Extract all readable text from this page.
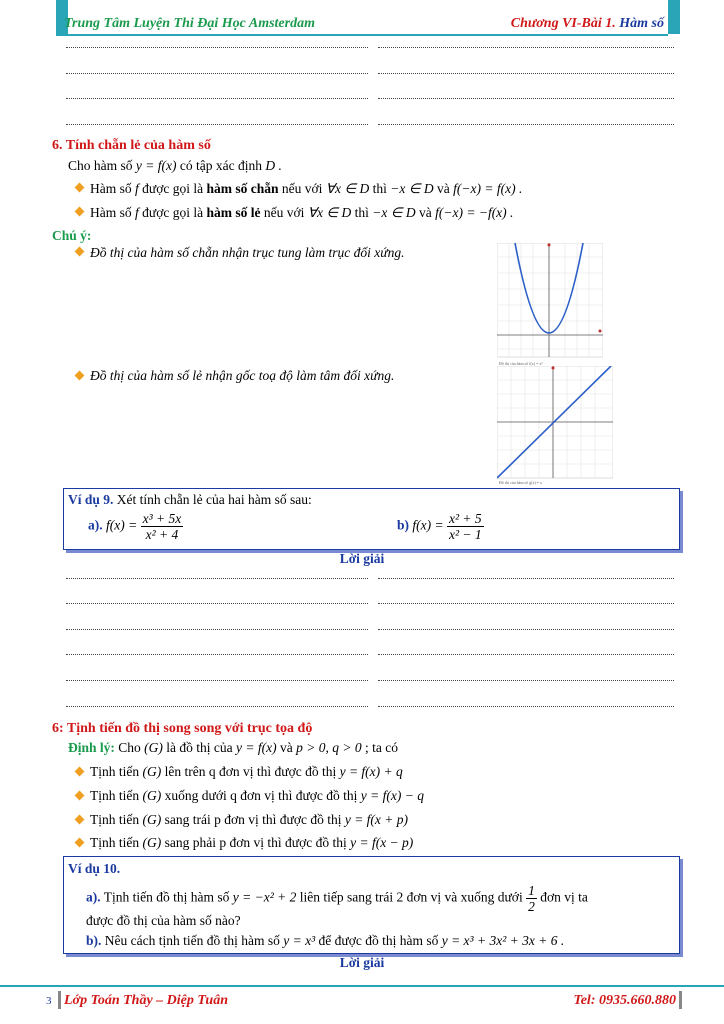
Trung Tâm Luyện Thi Đại Học Amsterdam	Chương VI-Bài 1. Hàm số
6. Tính chẵn lẻ của hàm số
Cho hàm số y = f(x) có tập xác định D .
Hàm số f được gọi là hàm số chẵn nếu với ∀x ∈ D thì −x ∈ D và f(−x) = f(x) .
Hàm số f được gọi là hàm số lẻ nếu với ∀x ∈ D thì −x ∈ D và f(−x) = −f(x) .
Chú ý:
Đồ thị của hàm số chẵn nhận trục tung làm trục đối xứng.
Đồ thị của hàm số f(x) = x²
Đồ thị của hàm số lẻ nhận gốc toạ độ làm tâm đối xứng.
Đồ thị của hàm số g(x) = x
Ví dụ 9. Xét tính chẵn lẻ của hai hàm số sau:
a). $f(x) = \frac{\text{x³ + 5x}}{\text{x² + 4}}$	b) $f(x) = \frac{\text{x² + 5}}{\text{x² − 1}}$
Lời giải
6: Tịnh tiến đồ thị song song với trục tọa độ
Định lý: Cho (G) là đồ thị của y = f(x) và p > 0, q > 0 ; ta có
Tịnh tiến (G) lên trên q đơn vị thì được đồ thị y = f(x) + q
Tịnh tiến (G) xuống dưới q đơn vị thì được đồ thị y = f(x) − q
Tịnh tiến (G) sang trái p đơn vị thì được đồ thị y = f(x + p)
Tịnh tiến (G) sang phải p đơn vị thì được đồ thị y = f(x − p)
Ví dụ 10.
a). Tịnh tiến đồ thị hàm số y = −x² + 2 liên tiếp sang trái 2 đơn vị và xuống dưới $\frac{1}{2}$ đơn vị ta
được đồ thị của hàm số nào?
b). Nêu cách tịnh tiến đồ thị hàm số y = x³ để được đồ thị hàm số y = x³ + 3x² + 3x + 6 .
Lời giải
3 Lớp Toán Thầy – Diệp Tuân	Tel: 0935.660.880
